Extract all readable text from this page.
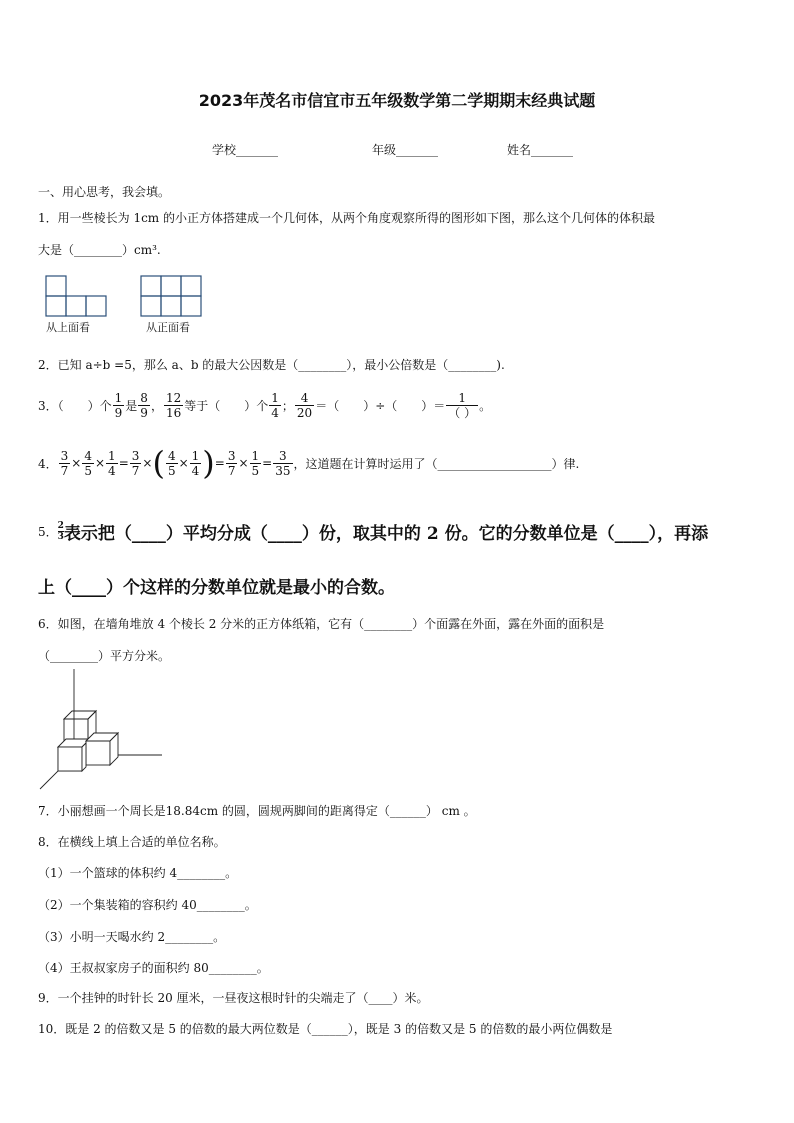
2023年茂名市信宜市五年级数学第二学期期末经典试题
学校_______	年级_______	姓名_______
一、用心思考，我会填。
1．用一些棱长为 1cm 的小正方体搭建成一个几何体，从两个角度观察所得的图形如下图，那么这个几何体的体积最
大是（________）cm³.
从上面看	从正面看
2．已知 a÷b =5，那么 a、b 的最大公因数是（________），最小公倍数是（________).
3．（　　）个 $\frac{1}{9}$ 是 $\frac{8}{9}$ ， $\frac{12}{16}$ 等于（　　）个 $\frac{1}{4}$ ； $\frac{4}{20}$ ＝（　　）÷（　　）＝ $\frac{1}{( )}$ 。
4． $\frac{3}{7} \times \frac{4}{5} \times \frac{1}{4} = \frac{3}{7}$ × ( $\frac{4}{5} \times \frac{1}{4}$ ) = $\frac{3}{7} \times \frac{1}{5} = \frac{3}{35}$ ，这道题在计算时运用了（___________________）律.
5． 2
3 表示把（____）平均分成（____）份，取其中的 2 份。它的分数单位是（____），再添
上（____）个这样的分数单位就是最小的合数。
6．如图，在墙角堆放 4 个棱长 2 分米的正方体纸箱，它有（________）个面露在外面，露在外面的面积是
（________）平方分米。
7．小丽想画一个周长是18.84cm 的圆，圆规两脚间的距离得定（______） cm 。
8．在横线上填上合适的单位名称。
（1）一个篮球的体积约 4________。
（2）一个集装箱的容积约 40________。
（3）小明一天喝水约 2________。
（4）王叔叔家房子的面积约 80________。
9．一个挂钟的时针长 20 厘米，一昼夜这根时针的尖端走了（____）米。
10．既是 2 的倍数又是 5 的倍数的最大两位数是（______），既是 3 的倍数又是 5 的倍数的最小两位偶数是
